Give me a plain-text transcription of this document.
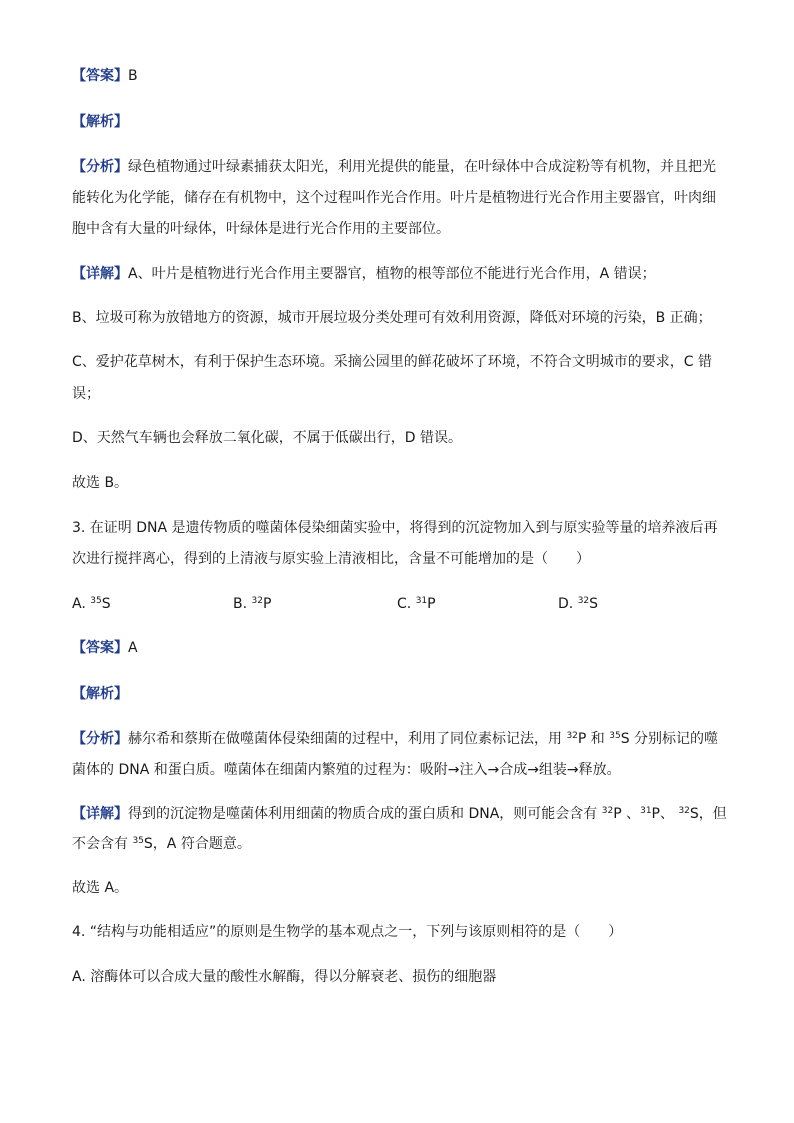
【答案】B
【解析】
【分析】绿色植物通过叶绿素捕获太阳光，利用光提供的能量，在叶绿体中合成淀粉等有机物，并且把光
能转化为化学能，储存在有机物中，这个过程叫作光合作用。叶片是植物进行光合作用主要器官，叶肉细
胞中含有大量的叶绿体，叶绿体是进行光合作用的主要部位。
【详解】A、叶片是植物进行光合作用主要器官，植物的根等部位不能进行光合作用，A 错误；
B、垃圾可称为放错地方的资源，城市开展垃圾分类处理可有效利用资源，降低对环境的污染，B 正确；
C、爱护花草树木，有利于保护生态环境。采摘公园里的鲜花破坏了环境，不符合文明城市的要求，C 错
误；
D、天然气车辆也会释放二氧化碳，不属于低碳出行，D 错误。
故选 B。
3. 在证明 DNA 是遗传物质的噬菌体侵染细菌实验中，将得到的沉淀物加入到与原实验等量的培养液后再
次进行搅拌离心，得到的上清液与原实验上清液相比，含量不可能增加的是（　　）
A. $^{35}$S	B. $^{32}$P	C. $^{31}$P	D. $^{32}$S
【答案】A
【解析】
【分析】赫尔希和蔡斯在做噬菌体侵染细菌的过程中，利用了同位素标记法，用 $^{32}$P 和 $^{35}$S 分别标记的噬
菌体的 DNA 和蛋白质。噬菌体在细菌内繁殖的过程为：吸附→注入→合成→组装→释放。
【详解】得到的沉淀物是噬菌体利用细菌的物质合成的蛋白质和 DNA，则可能会含有 $^{32}$P 、$^{31}$P、 $^{32}$S，但
不会含有 $^{35}$S，A 符合题意。
故选 A。
4. “结构与功能相适应”的原则是生物学的基本观点之一，下列与该原则相符的是（　　）
A. 溶酶体可以合成大量的酸性水解酶，得以分解衰老、损伤的细胞器
